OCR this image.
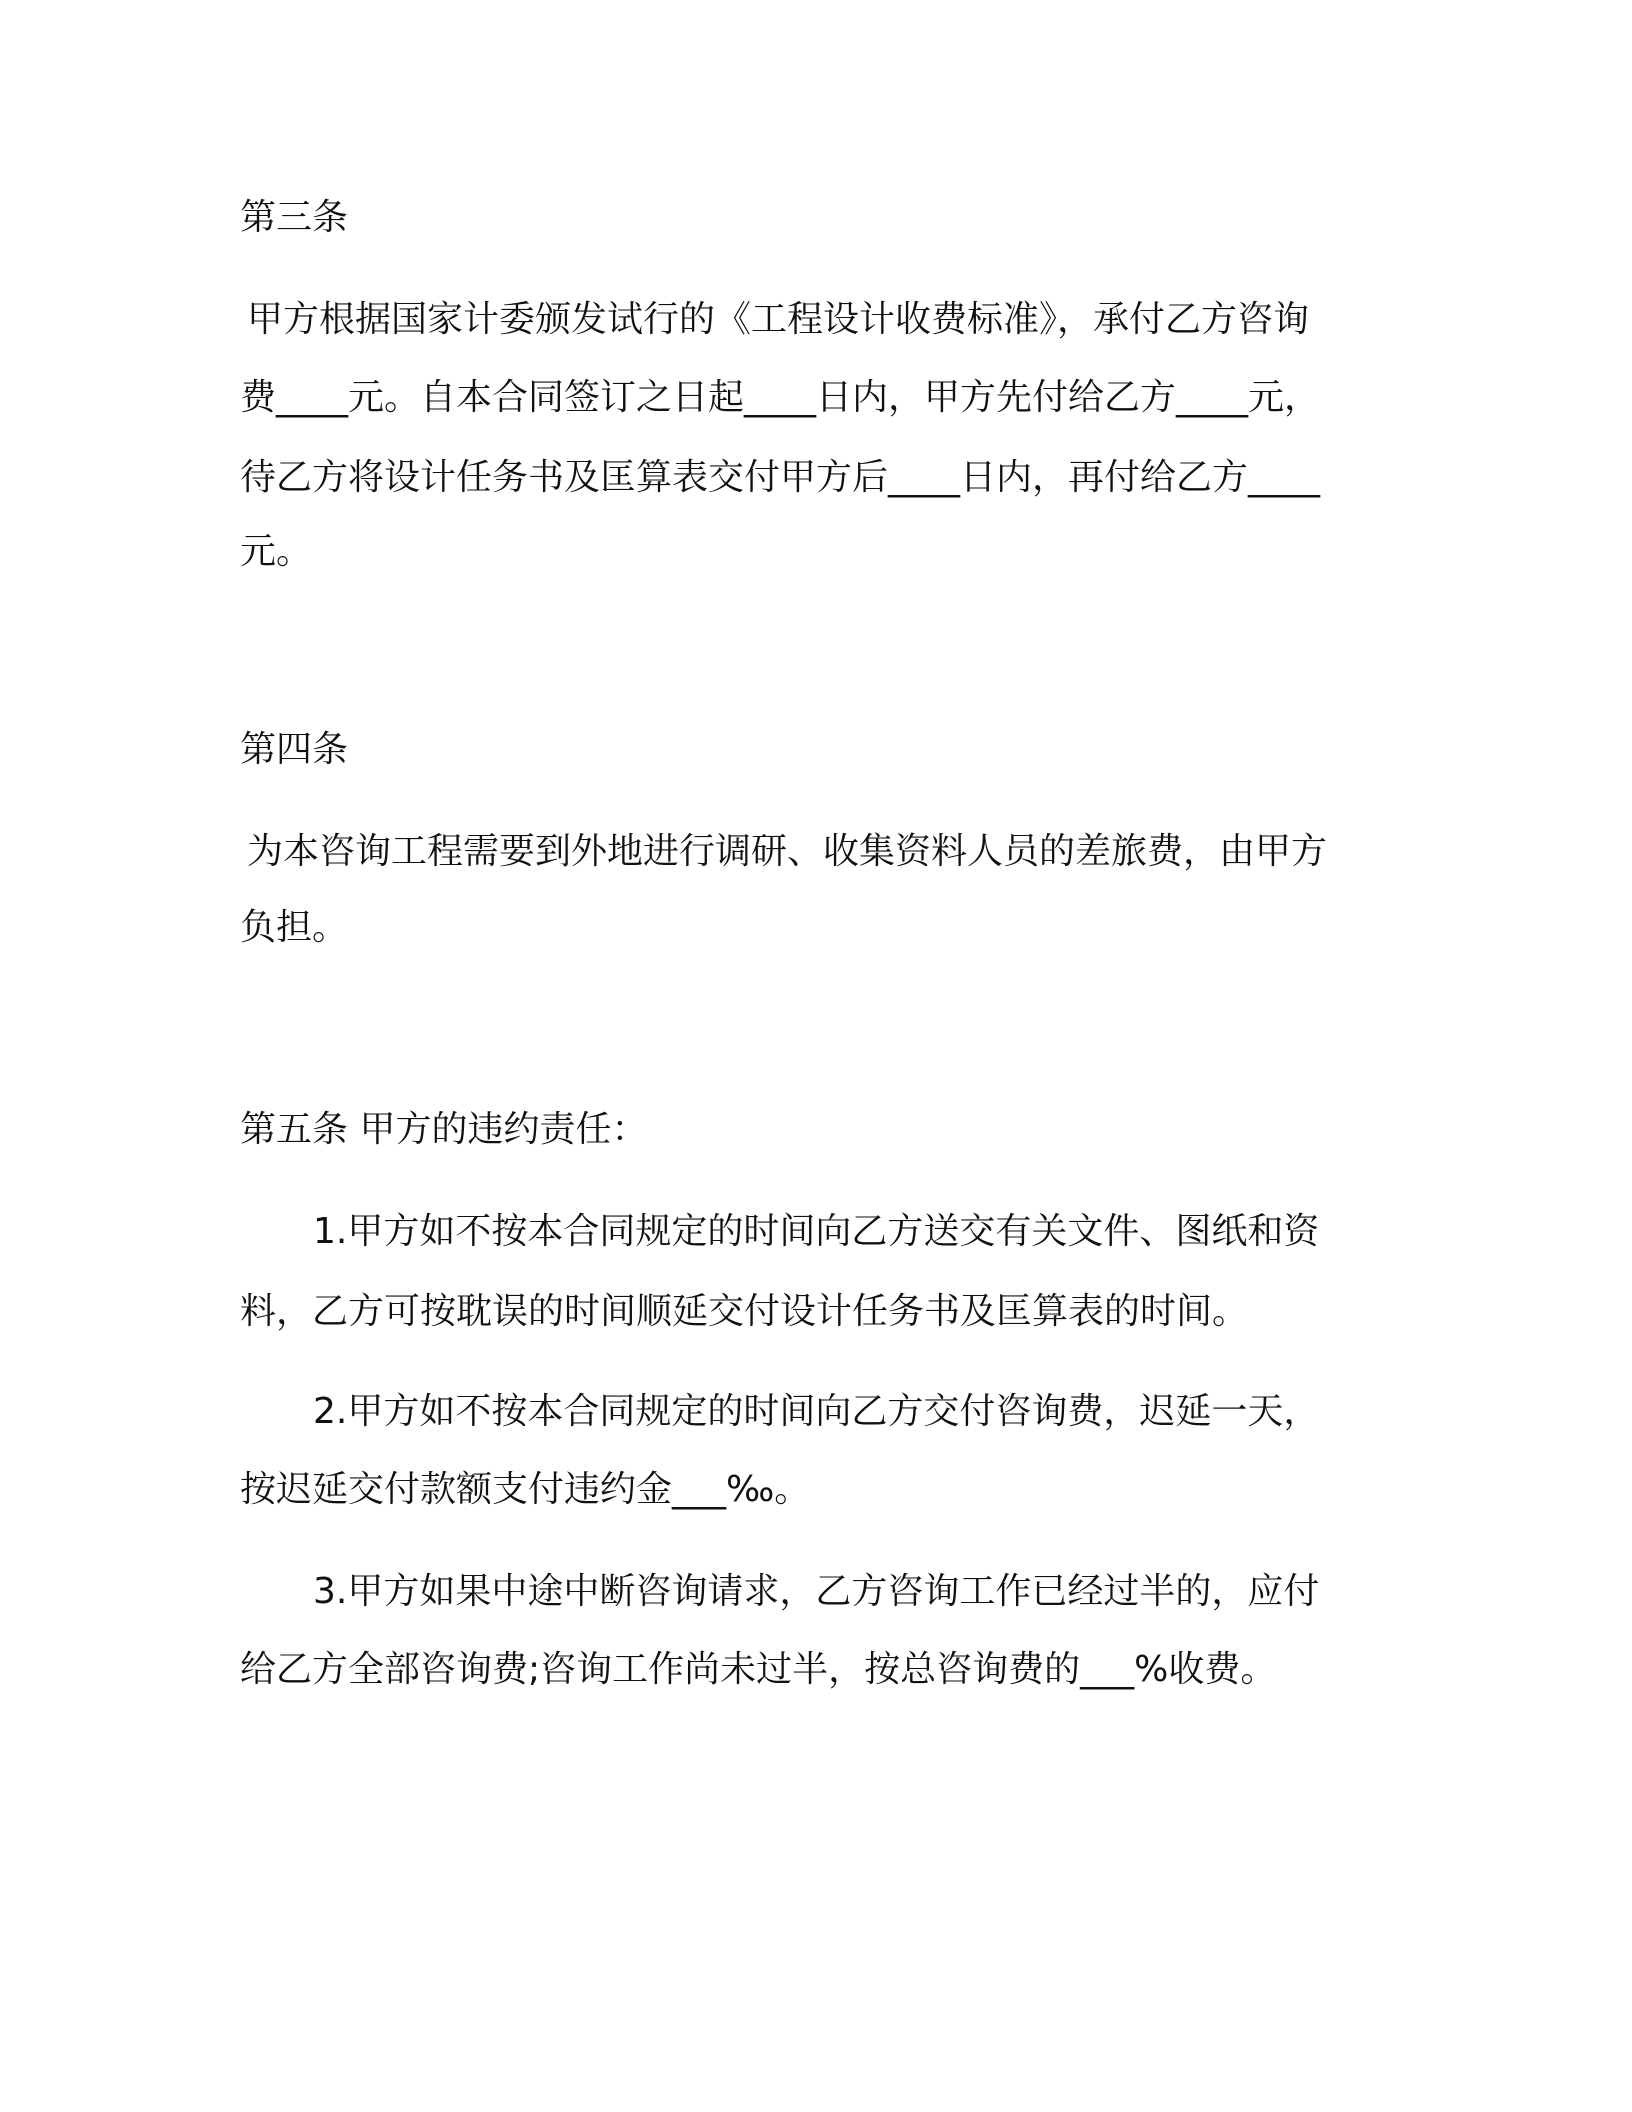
第三条
甲方根据国家计委颁发试行的《工程设计收费标准》，承付乙方咨询
费____元。自本合同签订之日起____日内，甲方先付给乙方____元，
待乙方将设计任务书及匡算表交付甲方后____日内，再付给乙方____
元。
第四条
为本咨询工程需要到外地进行调研、收集资料人员的差旅费，由甲方
负担。
第五条 甲方的违约责任：
1.甲方如不按本合同规定的时间向乙方送交有关文件、图纸和资
料，乙方可按耽误的时间顺延交付设计任务书及匡算表的时间。
2.甲方如不按本合同规定的时间向乙方交付咨询费，迟延一天，
按迟延交付款额支付违约金___‰。
3.甲方如果中途中断咨询请求，乙方咨询工作已经过半的，应付
给乙方全部咨询费;咨询工作尚未过半，按总咨询费的___%收费。
